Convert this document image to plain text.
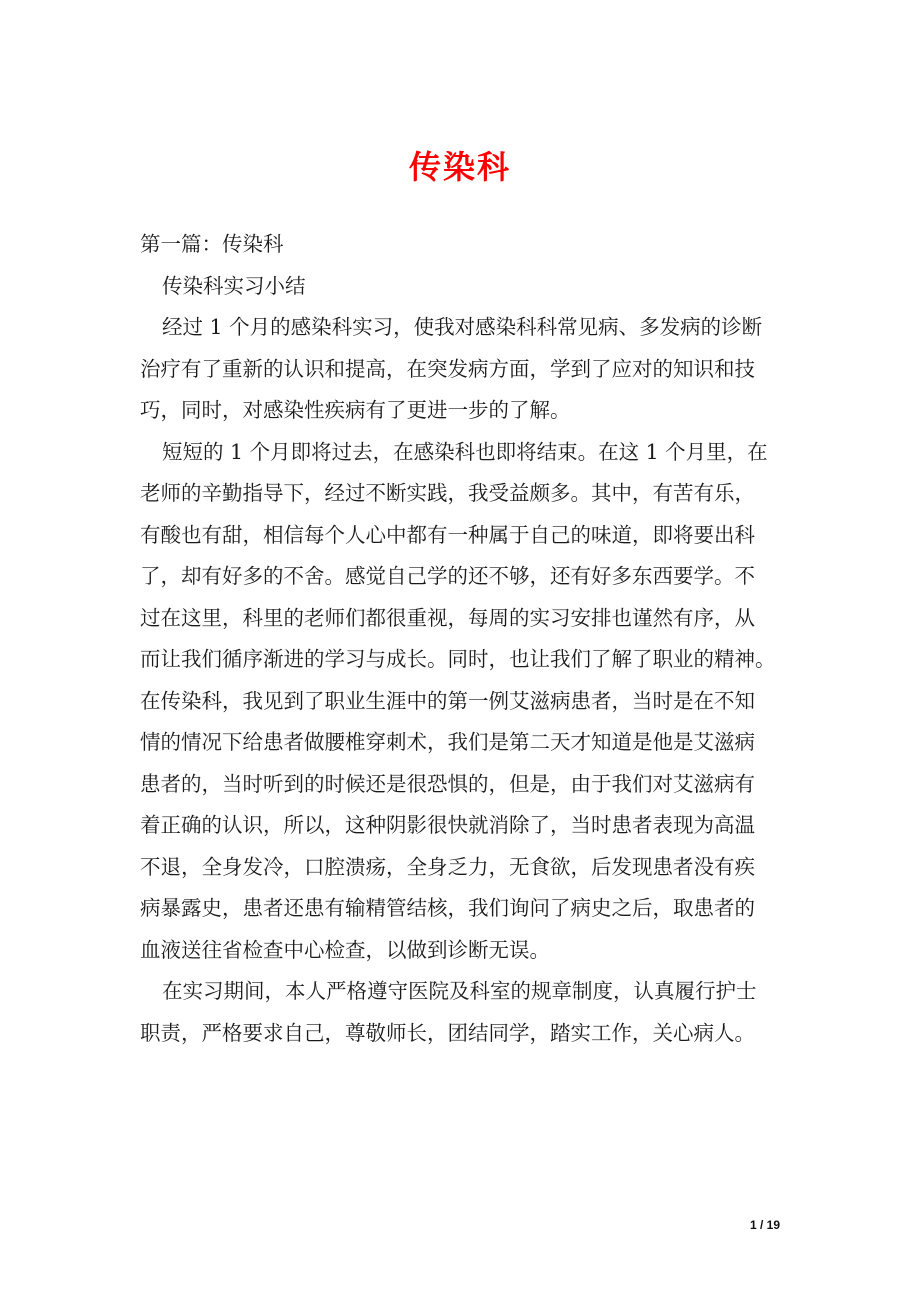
传染科
第一篇：传染科
传染科实习小结
经过 1 个月的感染科实习，使我对感染科科常见病、多发病的诊断
治疗有了重新的认识和提高，在突发病方面，学到了应对的知识和技
巧，同时，对感染性疾病有了更进一步的了解。
短短的 1 个月即将过去，在感染科也即将结束。在这 1 个月里，在
老师的辛勤指导下，经过不断实践，我受益颇多。其中，有苦有乐，
有酸也有甜，相信每个人心中都有一种属于自己的味道，即将要出科
了，却有好多的不舍。感觉自己学的还不够，还有好多东西要学。不
过在这里，科里的老师们都很重视，每周的实习安排也谨然有序，从
而让我们循序渐进的学习与成长。同时，也让我们了解了职业的精神。
在传染科，我见到了职业生涯中的第一例艾滋病患者，当时是在不知
情的情况下给患者做腰椎穿刺术，我们是第二天才知道是他是艾滋病
患者的，当时听到的时候还是很恐惧的，但是，由于我们对艾滋病有
着正确的认识，所以，这种阴影很快就消除了，当时患者表现为高温
不退，全身发冷，口腔溃疡，全身乏力，无食欲，后发现患者没有疾
病暴露史，患者还患有输精管结核，我们询问了病史之后，取患者的
血液送往省检查中心检查，以做到诊断无误。
在实习期间，本人严格遵守医院及科室的规章制度，认真履行护士
职责，严格要求自己，尊敬师长，团结同学，踏实工作，关心病人。
1 / 19
